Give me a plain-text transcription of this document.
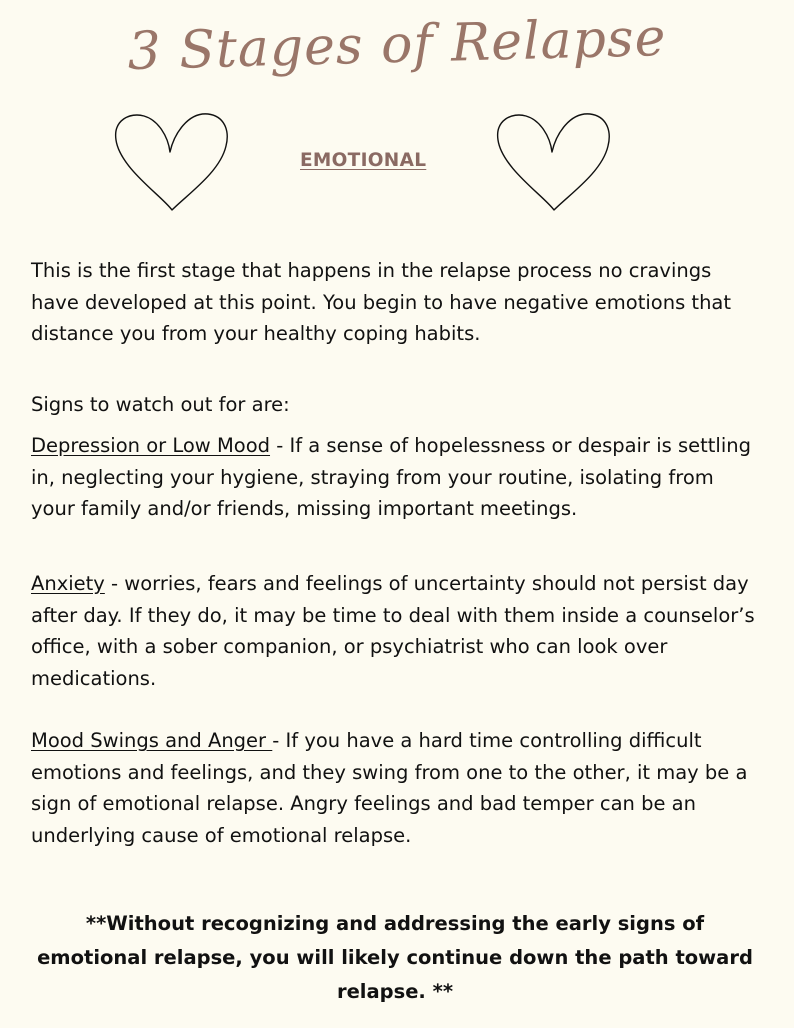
3 Stages of Relapse
EMOTIONAL
This is the first stage that happens in the relapse process no cravings have developed at this point. You begin to have negative emotions that distance you from your healthy coping habits.
Signs to watch out for are:
Depression or Low Mood - If a sense of hopelessness or despair is settling in, neglecting your hygiene, straying from your routine, isolating from your family and/or friends, missing important meetings.
Anxiety - worries, fears and feelings of uncertainty should not persist day after day. If they do, it may be time to deal with them inside a counselor’s office, with a sober companion, or psychiatrist who can look over medications.
Mood Swings and Anger - If you have a hard time controlling difficult emotions and feelings, and they swing from one to the other, it may be a sign of emotional relapse. Angry feelings and bad temper can be an underlying cause of emotional relapse.
**Without recognizing and addressing the early signs of emotional relapse, you will likely continue down the path toward relapse. **
